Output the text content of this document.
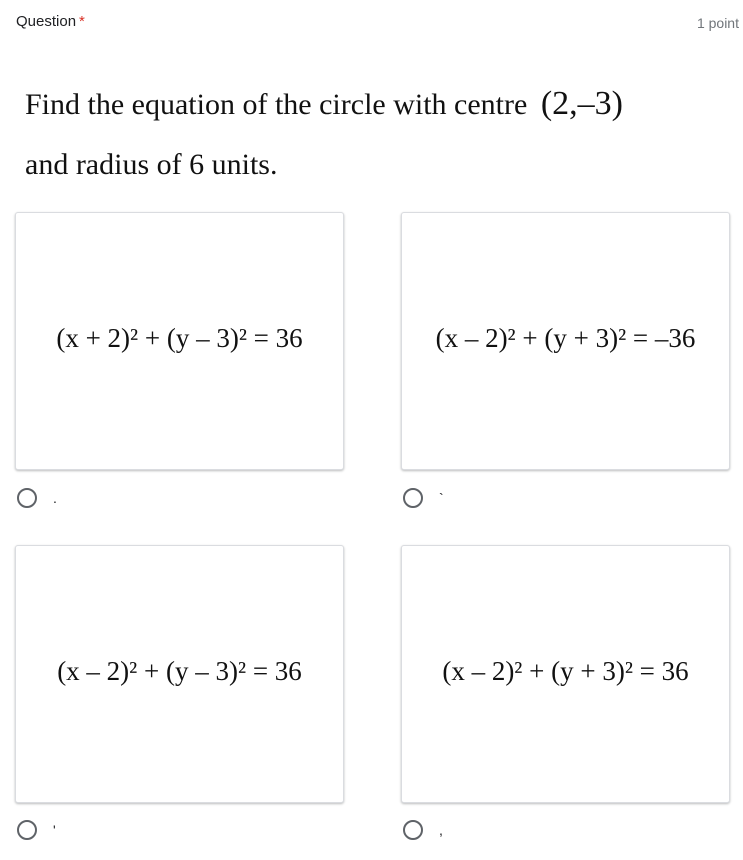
Question *	1 point
Find the equation of the circle with centre (2,–3)
and radius of 6 units.
(x + 2)² + (y – 3)² = 36
.
(x – 2)² + (y + 3)² = –36
`
(x – 2)² + (y – 3)² = 36
'
(x – 2)² + (y + 3)² = 36
,
